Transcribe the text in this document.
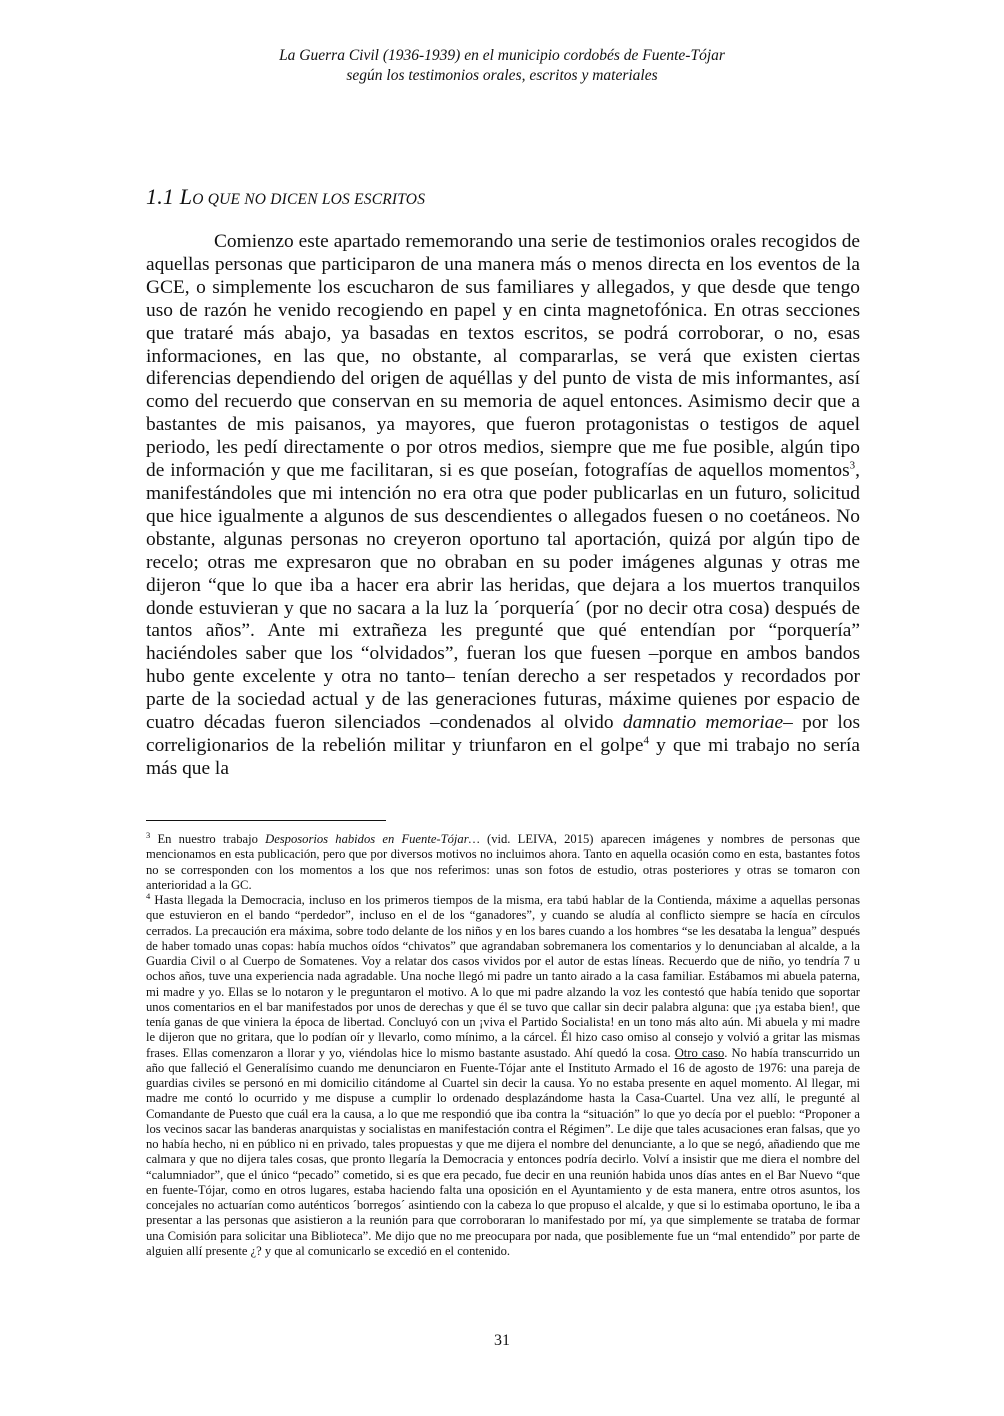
La Guerra Civil (1936-1939) en el municipio cordobés de Fuente-Tójar
según los testimonios orales, escritos y materiales
1.1 LO QUE NO DICEN LOS ESCRITOS

Comienzo este apartado rememorando una serie de testimonios orales recogidos de aquellas personas que participaron de una manera más o menos directa en los eventos de la GCE, o simplemente los escucharon de sus familiares y allegados, y que desde que tengo uso de razón he venido recogiendo en papel y en cinta magnetofónica. En otras secciones que trataré más abajo, ya basadas en textos escritos, se podrá corroborar, o no, esas informaciones, en las que, no obstante, al compararlas, se verá que existen ciertas diferencias dependiendo del origen de aquéllas y del punto de vista de mis informantes, así como del recuerdo que conservan en su memoria de aquel entonces. Asimismo decir que a bastantes de mis paisanos, ya mayores, que fueron protagonistas o testigos de aquel periodo, les pedí directamente o por otros medios, siempre que me fue posible, algún tipo de información y que me facilitaran, si es que poseían, fotografías de aquellos momentos$^3$, manifestándoles que mi intención no era otra que poder publicarlas en un futuro, solicitud que hice igualmente a algunos de sus descendientes o allegados fuesen o no coetáneos. No obstante, algunas personas no creyeron oportuno tal aportación, quizá por algún tipo de recelo; otras me expresaron que no obraban en su poder imágenes algunas y otras me dijeron “que lo que iba a hacer era abrir las heridas, que dejara a los muertos tranquilos donde estuvieran y que no sacara a la luz la ´porquería´ (por no decir otra cosa) después de tantos años”. Ante mi extrañeza les pregunté que qué entendían por “porquería” haciéndoles saber que los “olvidados”, fueran los que fuesen –porque en ambos bandos hubo gente excelente y otra no tanto– tenían derecho a ser respetados y recordados por parte de la sociedad actual y de las generaciones futuras, máxime quienes por espacio de cuatro décadas fueron silenciados –condenados al olvido damnatio memoriae– por los correligionarios de la rebelión militar y triunfaron en el golpe$^4$ y que mi trabajo no sería más que la

$^3$ En nuestro trabajo Desposorios habidos en Fuente-Tójar… (vid. LEIVA, 2015) aparecen imágenes y nombres de personas que mencionamos en esta publicación, pero que por diversos motivos no incluimos ahora. Tanto en aquella ocasión como en esta, bastantes fotos no se corresponden con los momentos a los que nos referimos: unas son fotos de estudio, otras posteriores y otras se tomaron con anterioridad a la GC.

$^4$ Hasta llegada la Democracia, incluso en los primeros tiempos de la misma, era tabú hablar de la Contienda, máxime a aquellas personas que estuvieron en el bando “perdedor”, incluso en el de los “ganadores”, y cuando se aludía al conflicto siempre se hacía en círculos cerrados. La precaución era máxima, sobre todo delante de los niños y en los bares cuando a los hombres “se les desataba la lengua” después de haber tomado unas copas: había muchos oídos “chivatos” que agrandaban sobremanera los comentarios y lo denunciaban al alcalde, a la Guardia Civil o al Cuerpo de Somatenes. Voy a relatar dos casos vividos por el autor de estas líneas. Recuerdo que de niño, yo tendría 7 u ochos años, tuve una experiencia nada agradable. Una noche llegó mi padre un tanto airado a la casa familiar. Estábamos mi abuela paterna, mi madre y yo. Ellas se lo notaron y le preguntaron el motivo. A lo que mi padre alzando la voz les contestó que había tenido que soportar unos comentarios en el bar manifestados por unos de derechas y que él se tuvo que callar sin decir palabra alguna: que ¡ya estaba bien!, que tenía ganas de que viniera la época de libertad. Concluyó con un ¡viva el Partido Socialista! en un tono más alto aún. Mi abuela y mi madre le dijeron que no gritara, que lo podían oír y llevarlo, como mínimo, a la cárcel. Él hizo caso omiso al consejo y volvió a gritar las mismas frases. Ellas comenzaron a llorar y yo, viéndolas hice lo mismo bastante asustado. Ahí quedó la cosa. Otro caso. No había transcurrido un año que falleció el Generalísimo cuando me denunciaron en Fuente-Tójar ante el Instituto Armado el 16 de agosto de 1976: una pareja de guardias civiles se personó en mi domicilio citándome al Cuartel sin decir la causa. Yo no estaba presente en aquel momento. Al llegar, mi madre me contó lo ocurrido y me dispuse a cumplir lo ordenado desplazándome hasta la Casa-Cuartel. Una vez allí, le pregunté al Comandante de Puesto que cuál era la causa, a lo que me respondió que iba contra la “situación” lo que yo decía por el pueblo: “Proponer a los vecinos sacar las banderas anarquistas y socialistas en manifestación contra el Régimen”. Le dije que tales acusaciones eran falsas, que yo no había hecho, ni en público ni en privado, tales propuestas y que me dijera el nombre del denunciante, a lo que se negó, añadiendo que me calmara y que no dijera tales cosas, que pronto llegaría la Democracia y entonces podría decirlo. Volví a insistir que me diera el nombre del “calumniador”, que el único “pecado” cometido, si es que era pecado, fue decir en una reunión habida unos días antes en el Bar Nuevo “que en fuente-Tójar, como en otros lugares, estaba haciendo falta una oposición en el Ayuntamiento y de esta manera, entre otros asuntos, los concejales no actuarían como auténticos ´borregos´ asintiendo con la cabeza lo que propuso el alcalde, y que si lo estimaba oportuno, le iba a presentar a las personas que asistieron a la reunión para que corroboraran lo manifestado por mí, ya que simplemente se trataba de formar una Comisión para solicitar una Biblioteca”. Me dijo que no me preocupara por nada, que posiblemente fue un “mal entendido” por parte de alguien allí presente ¿? y que al comunicarlo se excedió en el contenido.

31
